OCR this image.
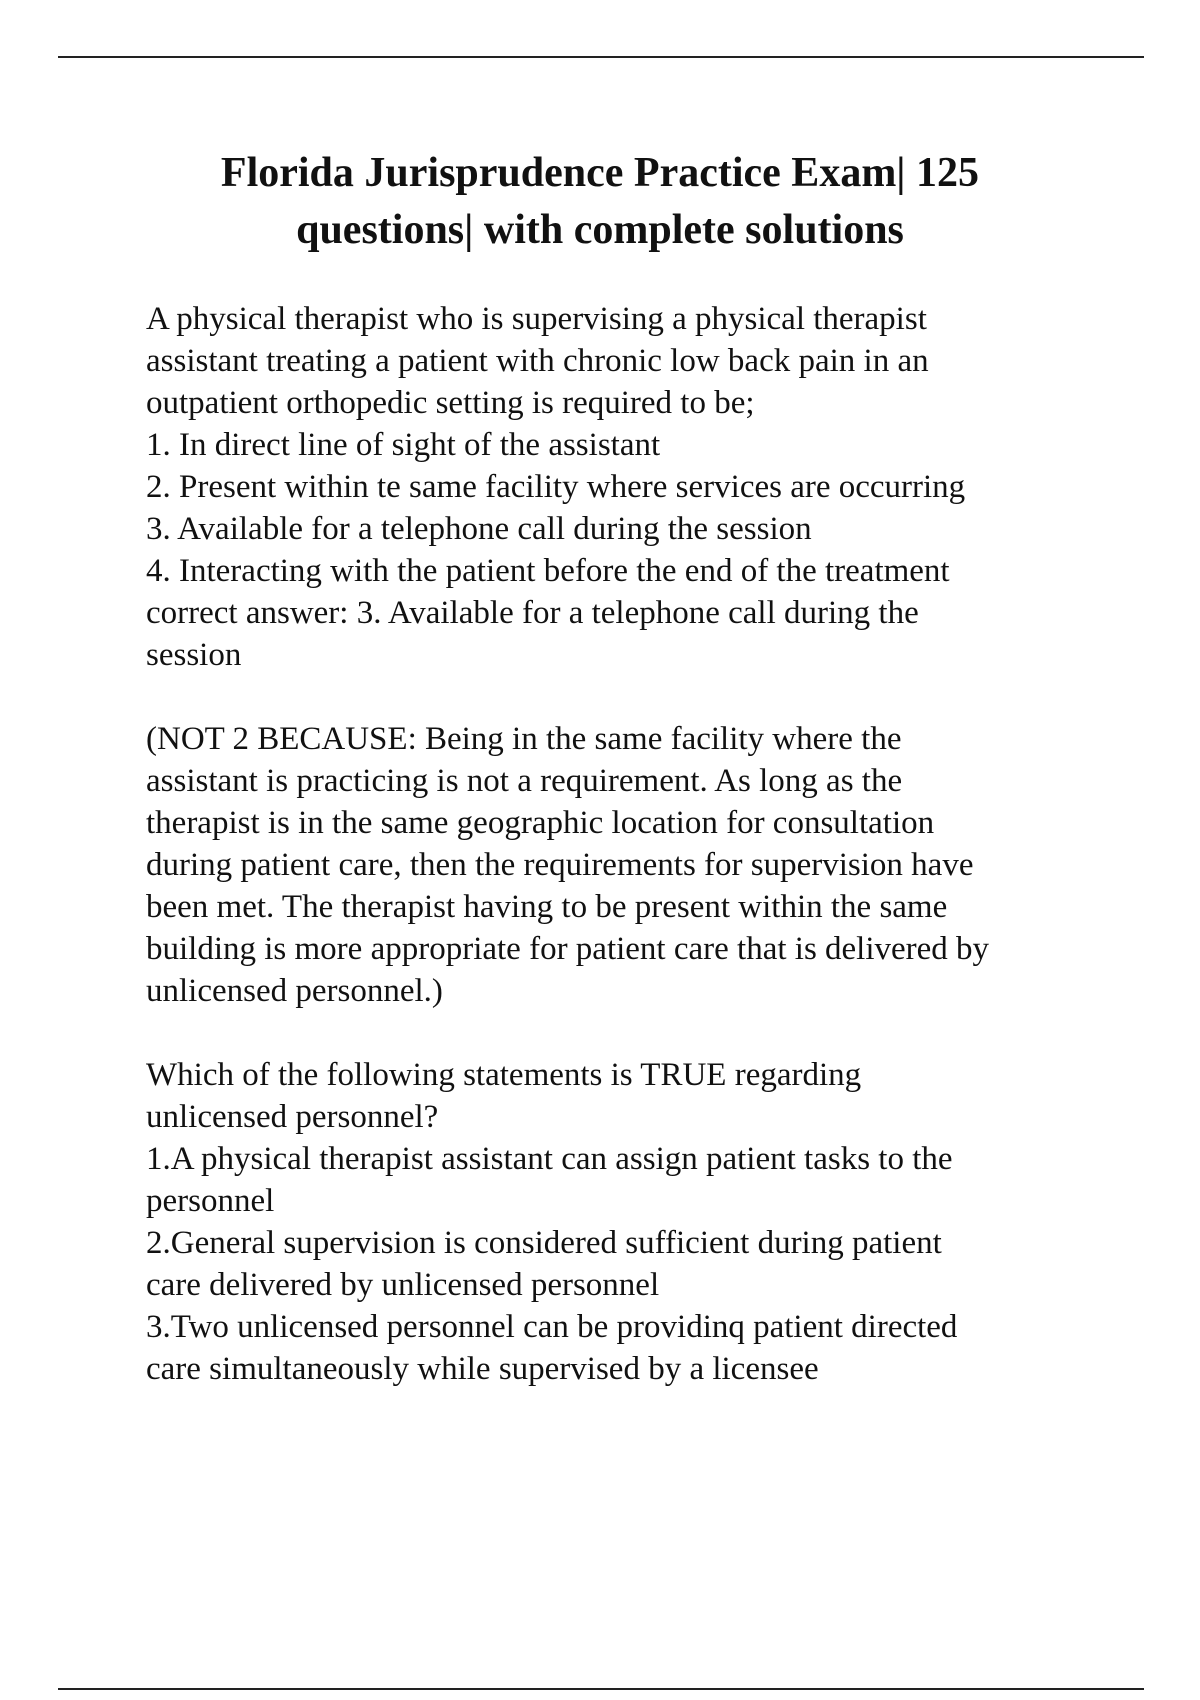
Florida Jurisprudence Practice Exam| 125
questions| with complete solutions
A physical therapist who is supervising a physical therapist
assistant treating a patient with chronic low back pain in an
outpatient orthopedic setting is required to be;
1. In direct line of sight of the assistant
2. Present within te same facility where services are occurring
3. Available for a telephone call during the session
4. Interacting with the patient before the end of the treatment
correct answer: 3. Available for a telephone call during the
session
(NOT 2 BECAUSE: Being in the same facility where the
assistant is practicing is not a requirement. As long as the
therapist is in the same geographic location for consultation
during patient care, then the requirements for supervision have
been met. The therapist having to be present within the same
building is more appropriate for patient care that is delivered by
unlicensed personnel.)
Which of the following statements is TRUE regarding
unlicensed personnel?
1.A physical therapist assistant can assign patient tasks to the
personnel
2.General supervision is considered sufficient during patient
care delivered by unlicensed personnel
3.Two unlicensed personnel can be providinq patient directed
care simultaneously while supervised by a licensee
